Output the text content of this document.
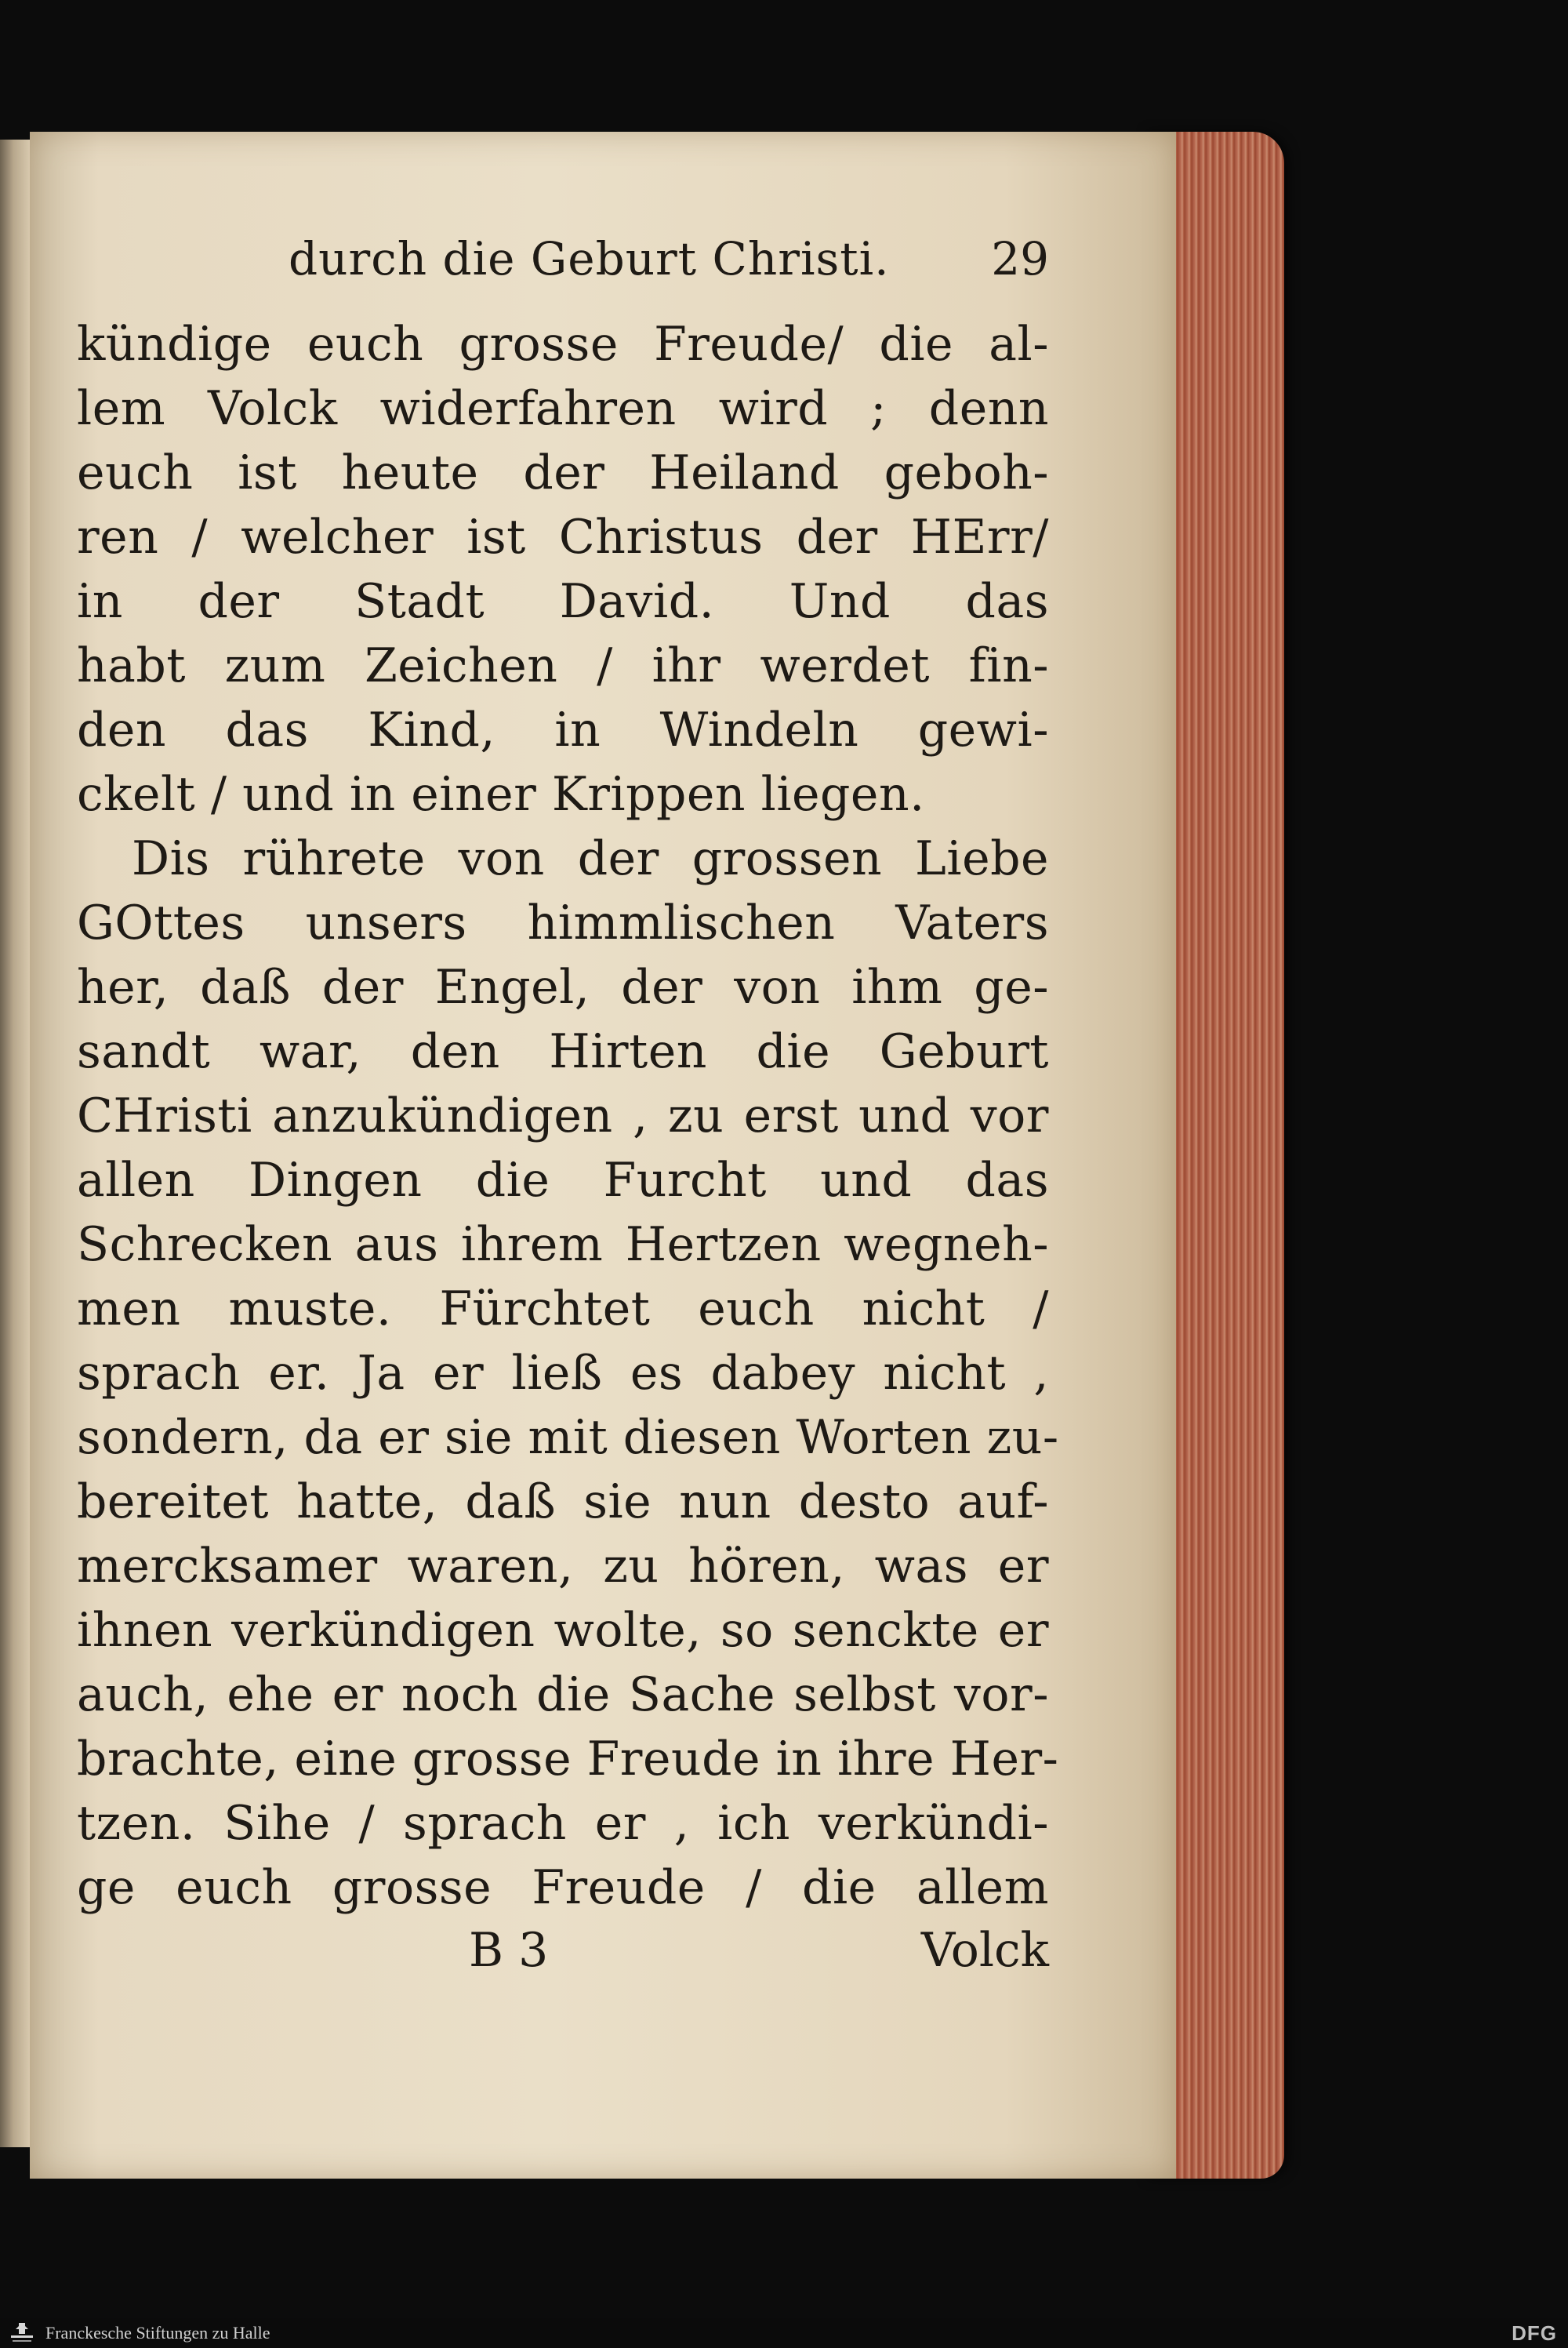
durch die Geburt Christi. 29
kündige euch grosse Freude/ die al-
lem Volck widerfahren wird ; denn
euch ist heute der Heiland geboh-
ren / welcher ist Christus der HErr/
in der Stadt David. Und das
habt zum Zeichen / ihr werdet fin-
den das Kind, in Windeln gewi-
ckelt / und in einer Krippen liegen.
Dis rührete von der grossen Liebe
GOttes unsers himmlischen Vaters
her, daß der Engel, der von ihm ge-
sandt war, den Hirten die Geburt
CHristi anzukündigen , zu erst und vor
allen Dingen die Furcht und das
Schrecken aus ihrem Hertzen wegneh-
men muste. Fürchtet euch nicht /
sprach er. Ja er ließ es dabey nicht ,
sondern, da er sie mit diesen Worten zu-
bereitet hatte, daß sie nun desto auf-
mercksamer waren, zu hören, was er
ihnen verkündigen wolte, so senckte er
auch, ehe er noch die Sache selbst vor-
brachte, eine grosse Freude in ihre Her-
tzen. Sihe / sprach er , ich verkündi-
ge euch grosse Freude / die allem
B 3	Volck
Franckesche Stiftungen zu Halle	DFG
